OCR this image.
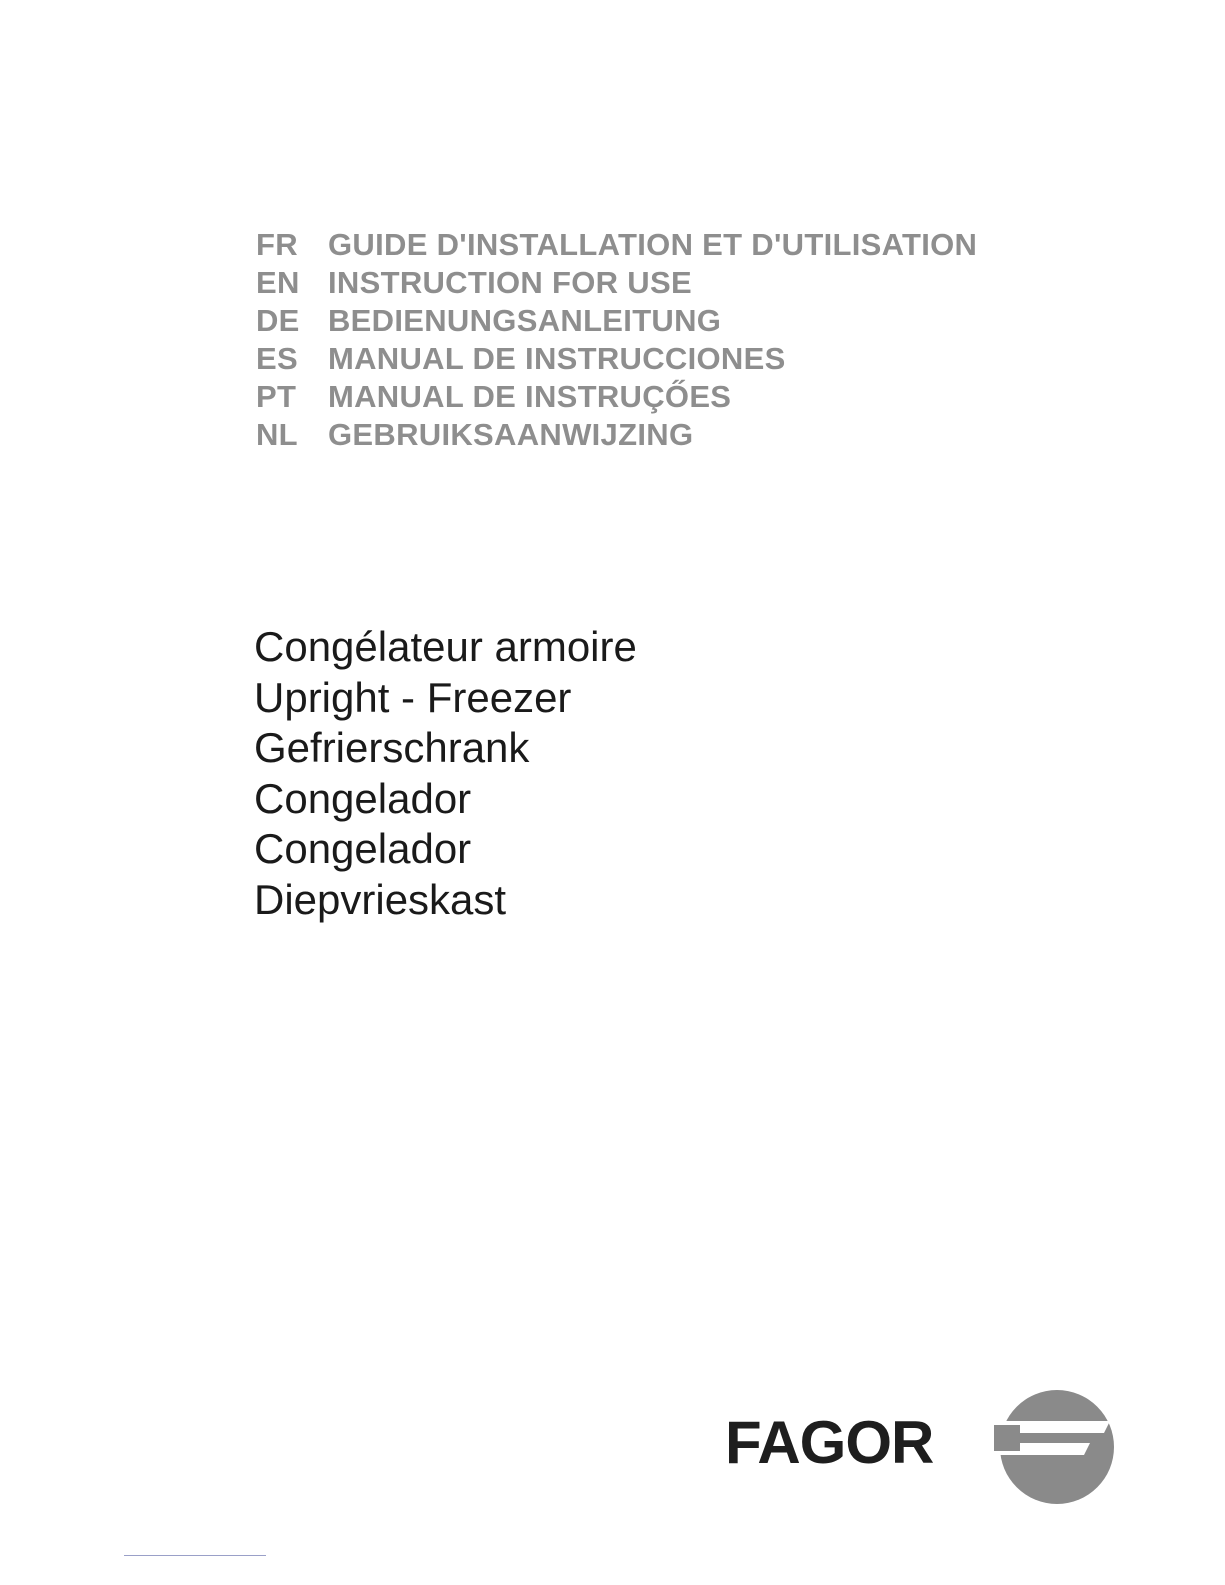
FR GUIDE D'INSTALLATION ET D'UTILISATION
EN INSTRUCTION FOR USE
DE BEDIENUNGSANLEITUNG
ES MANUAL DE INSTRUCCIONES
PT	MANUAL DE INSTRUÇŐES
NL GEBRUIKSAANWIJZING
Congélateur armoire
Upright - Freezer
Gefrierschrank
Congelador
Congelador
Diepvrieskast
FAGOR
